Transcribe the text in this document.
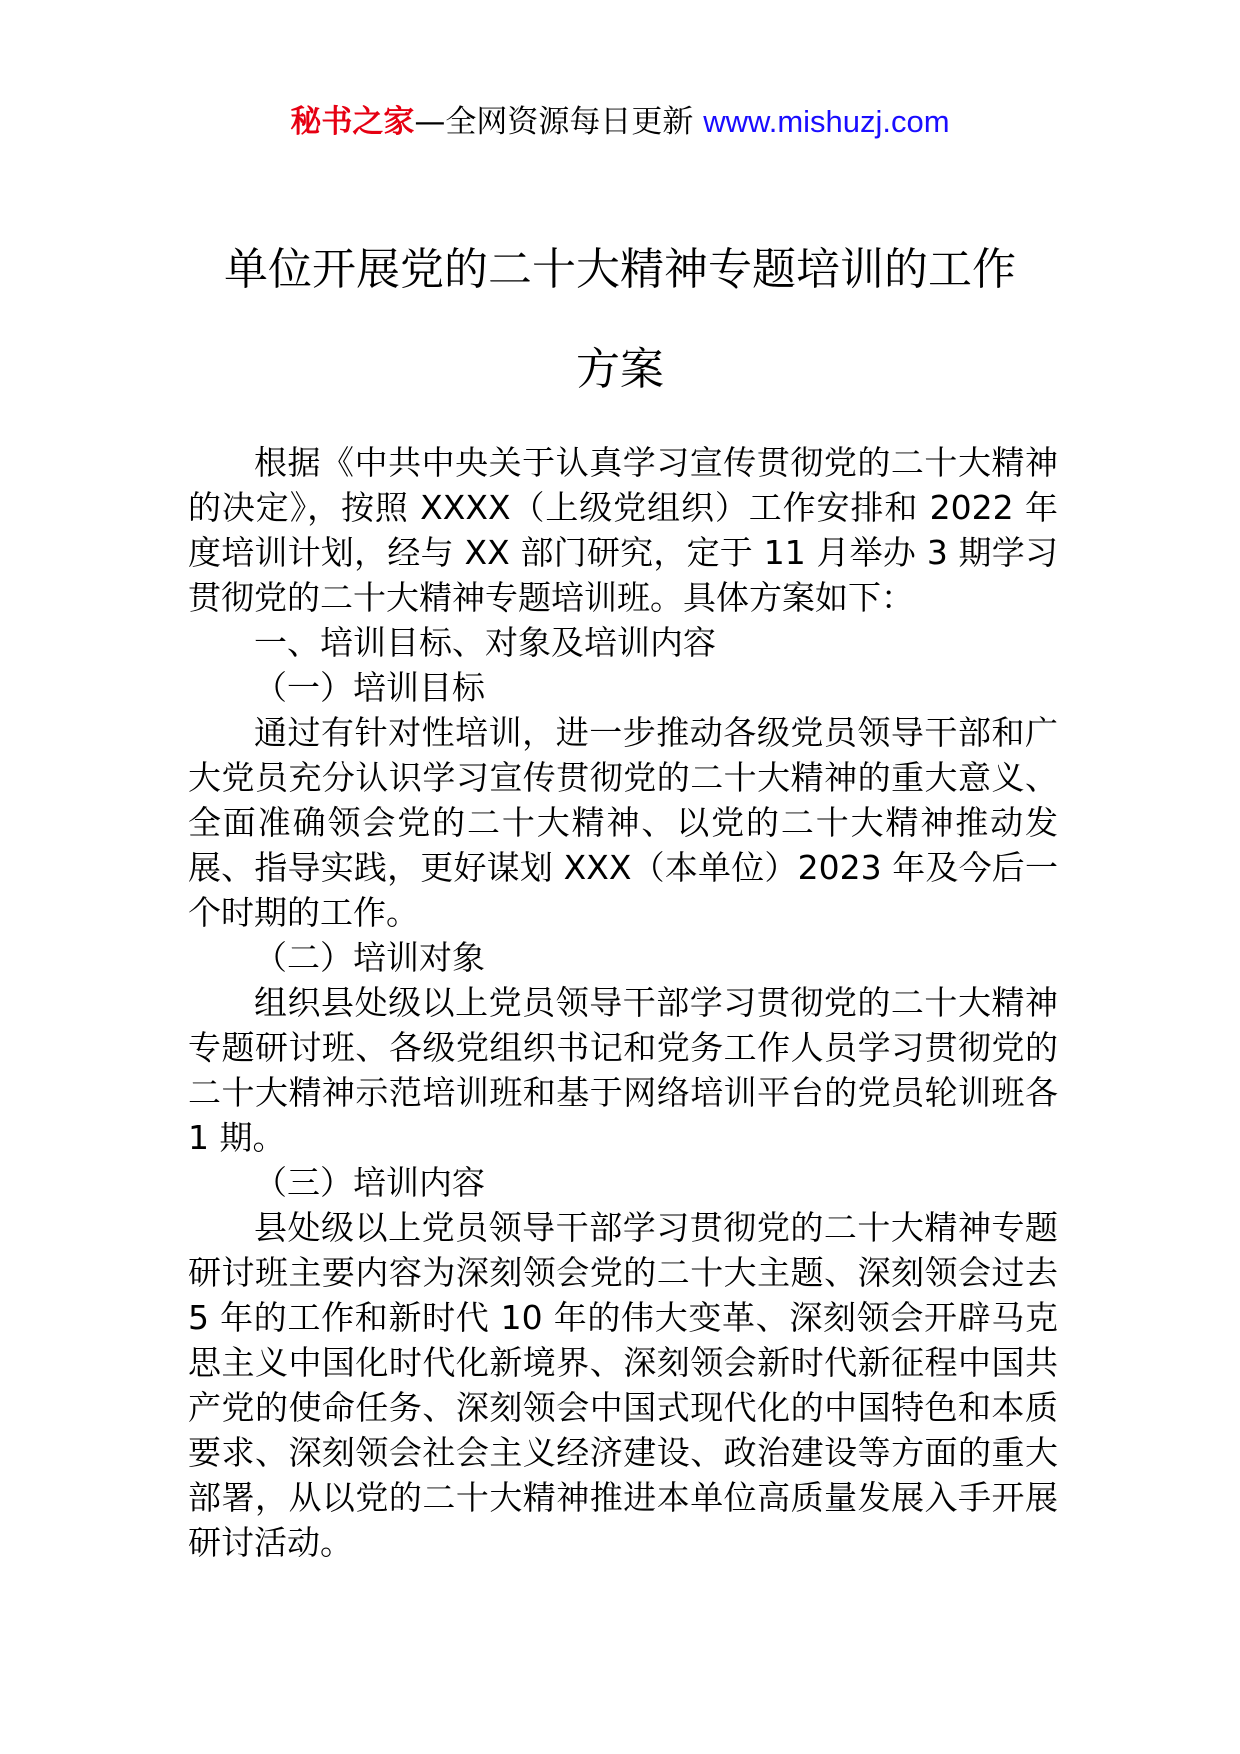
秘书之家—全网资源每日更新 www.mishuzj.com
单位开展党的二十大精神专题培训的工作
方案

根据《中共中央关于认真学习宣传贯彻党的二十大精神的决定》，按照 XXXX（上级党组织）工作安排和 2022 年度培训计划，经与 XX 部门研究，定于 11 月举办 3 期学习贯彻党的二十大精神专题培训班。具体方案如下：

一、培训目标、对象及培训内容

（一）培训目标

通过有针对性培训，进一步推动各级党员领导干部和广大党员充分认识学习宣传贯彻党的二十大精神的重大意义、全面准确领会党的二十大精神、以党的二十大精神推动发展、指导实践，更好谋划 XXX（本单位）2023 年及今后一个时期的工作。

（二）培训对象

组织县处级以上党员领导干部学习贯彻党的二十大精神专题研讨班、各级党组织书记和党务工作人员学习贯彻党的二十大精神示范培训班和基于网络培训平台的党员轮训班各 1 期。

（三）培训内容

县处级以上党员领导干部学习贯彻党的二十大精神专题研讨班主要内容为深刻领会党的二十大主题、深刻领会过去 5 年的工作和新时代 10 年的伟大变革、深刻领会开辟马克思主义中国化时代化新境界、深刻领会新时代新征程中国共产党的使命任务、深刻领会中国式现代化的中国特色和本质要求、深刻领会社会主义经济建设、政治建设等方面的重大部署，从以党的二十大精神推进本单位高质量发展入手开展研讨活动。
